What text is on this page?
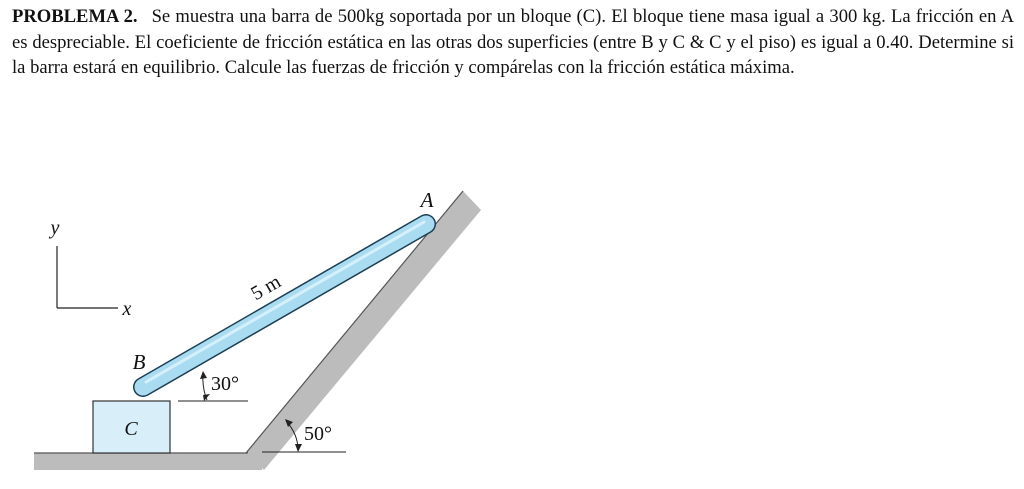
PROBLEMA 2. Se muestra una barra de 500kg soportada por un bloque (C). El bloque tiene masa igual a 300 kg. La fricción en A es despreciable. El coeficiente de fricción estática en las otras dos superficies (entre B y C & C y el piso) es igual a 0.40. Determine si la barra estará en equilibrio. Calcule las fuerzas de fricción y compárelas con la fricción estática máxima.

C
A
B
5 m
30°
50°
y
x
